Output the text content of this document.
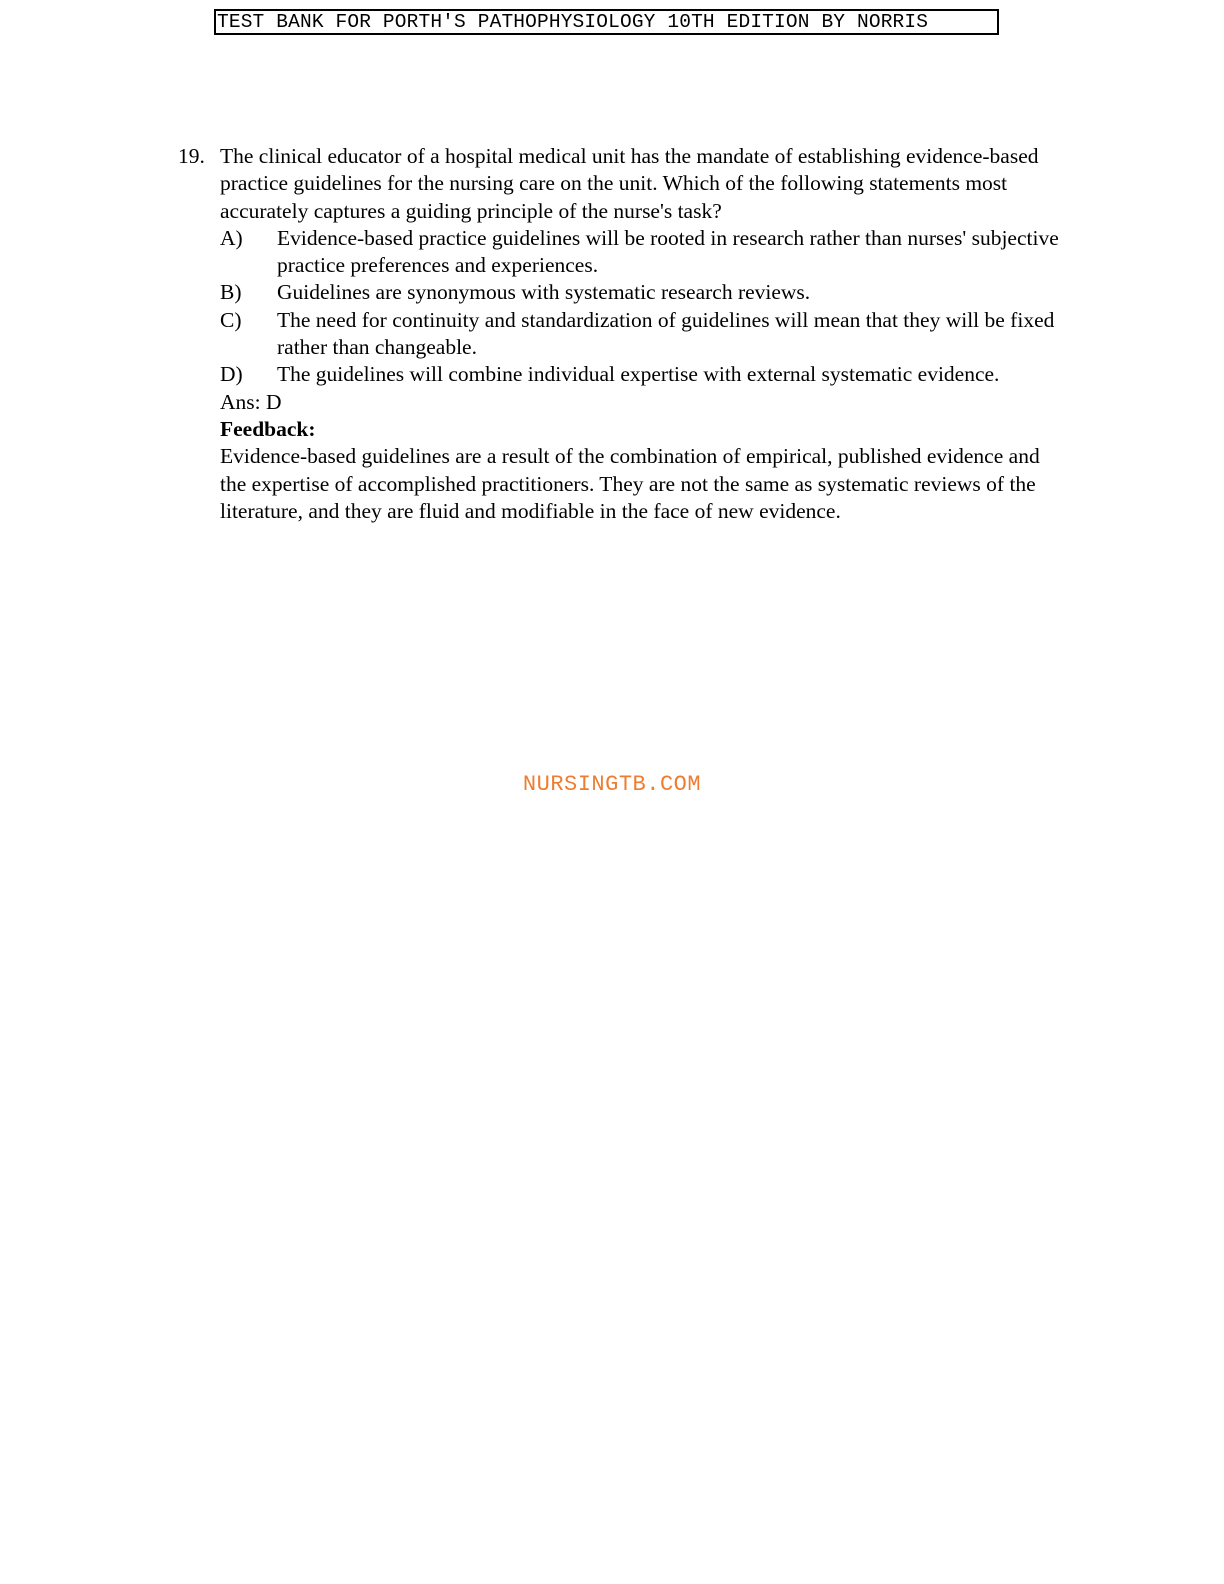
TEST BANK FOR PORTH'S PATHOPHYSIOLOGY 10TH EDITION BY NORRIS
19. The clinical educator of a hospital medical unit has the mandate of establishing evidence-based practice guidelines for the nursing care on the unit. Which of the following statements most accurately captures a guiding principle of the nurse's task?
A)	Evidence-based practice guidelines will be rooted in research rather than nurses' subjective practice preferences and experiences.
B)	Guidelines are synonymous with systematic research reviews.
C)	The need for continuity and standardization of guidelines will mean that they will be fixed rather than changeable.
D)	The guidelines will combine individual expertise with external systematic evidence.
Ans: D
Feedback:
Evidence-based guidelines are a result of the combination of empirical, published evidence and the expertise of accomplished practitioners. They are not the same as systematic reviews of the literature, and they are fluid and modifiable in the face of new evidence.
NURSINGTB.COM
